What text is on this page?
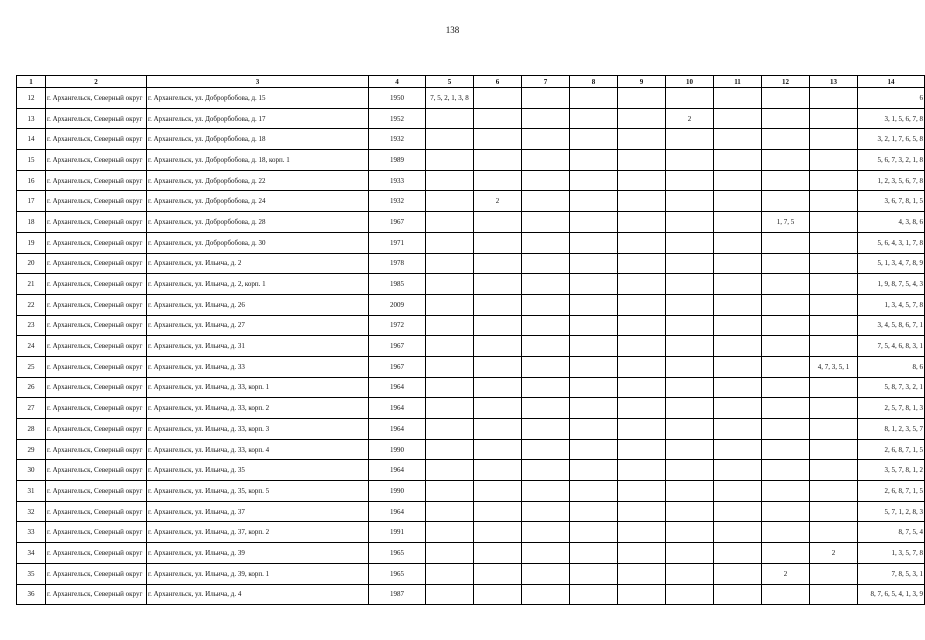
138
1	2	3	4	5	6	7	8	9	10	11	12	13	14
12	г. Архангельск, Северный округ	г. Архангельск, ул. Доброрбобова, д. 15	1950	7, 5, 2, 1, 3, 8									6
13	г. Архангельск, Северный округ	г. Архангельск, ул. Доброрбобова, д. 17	1952						2				3, 1, 5, 6, 7, 8
14	г. Архангельск, Северный округ	г. Архангельск, ул. Доброрбобова, д. 18	1932										3, 2, 1, 7, 6, 5, 8
15	г. Архангельск, Северный округ	г. Архангельск, ул. Доброрбобова, д. 18, корп. 1	1989										5, 6, 7, 3, 2, 1, 8
16	г. Архангельск, Северный округ	г. Архангельск, ул. Доброрбобова, д. 22	1933										1, 2, 3, 5, 6, 7, 8
17	г. Архангельск, Северный округ	г. Архангельск, ул. Доброрбобова, д. 24	1932		2								3, 6, 7, 8, 1, 5
18	г. Архангельск, Северный округ	г. Архангельск, ул. Доброрбобова, д. 28	1967								1, 7, 5		4, 3, 8, 6
19	г. Архангельск, Северный округ	г. Архангельск, ул. Доброрбобова, д. 30	1971										5, 6, 4, 3, 1, 7, 8
20	г. Архангельск, Северный округ	г. Архангельск, ул. Ильича, д. 2	1978										5, 1, 3, 4, 7, 8, 9
21	г. Архангельск, Северный округ	г. Архангельск, ул. Ильича, д. 2, корп. 1	1985										1, 9, 8, 7, 5, 4, 3
22	г. Архангельск, Северный округ	г. Архангельск, ул. Ильича, д. 26	2009										1, 3, 4, 5, 7, 8
23	г. Архангельск, Северный округ	г. Архангельск, ул. Ильича, д. 27	1972										3, 4, 5, 8, 6, 7, 1
24	г. Архангельск, Северный округ	г. Архангельск, ул. Ильича, д. 31	1967										7, 5, 4, 6, 8, 3, 1
25	г. Архангельск, Северный округ	г. Архангельск, ул. Ильича, д. 33	1967									4, 7, 3, 5, 1	8, 6
26	г. Архангельск, Северный округ	г. Архангельск, ул. Ильича, д. 33, корп. 1	1964										5, 8, 7, 3, 2, 1
27	г. Архангельск, Северный округ	г. Архангельск, ул. Ильича, д. 33, корп. 2	1964										2, 5, 7, 8, 1, 3
28	г. Архангельск, Северный округ	г. Архангельск, ул. Ильича, д. 33, корп. 3	1964										8, 1, 2, 3, 5, 7
29	г. Архангельск, Северный округ	г. Архангельск, ул. Ильича, д. 33, корп. 4	1990										2, 6, 8, 7, 1, 5
30	г. Архангельск, Северный округ	г. Архангельск, ул. Ильича, д. 35	1964										3, 5, 7, 8, 1, 2
31	г. Архангельск, Северный округ	г. Архангельск, ул. Ильича, д. 35, корп. 5	1990										2, 6, 8, 7, 1, 5
32	г. Архангельск, Северный округ	г. Архангельск, ул. Ильича, д. 37	1964										5, 7, 1, 2, 8, 3
33	г. Архангельск, Северный округ	г. Архангельск, ул. Ильича, д. 37, корп. 2	1991										8, 7, 5, 4
34	г. Архангельск, Северный округ	г. Архангельск, ул. Ильича, д. 39	1965									2	1, 3, 5, 7, 8
35	г. Архангельск, Северный округ	г. Архангельск, ул. Ильича, д. 39, корп. 1	1965								2		7, 8, 5, 3, 1
36	г. Архангельск, Северный округ	г. Архангельск, ул. Ильича, д. 4	1987										8, 7, 6, 5, 4, 1, 3, 9
